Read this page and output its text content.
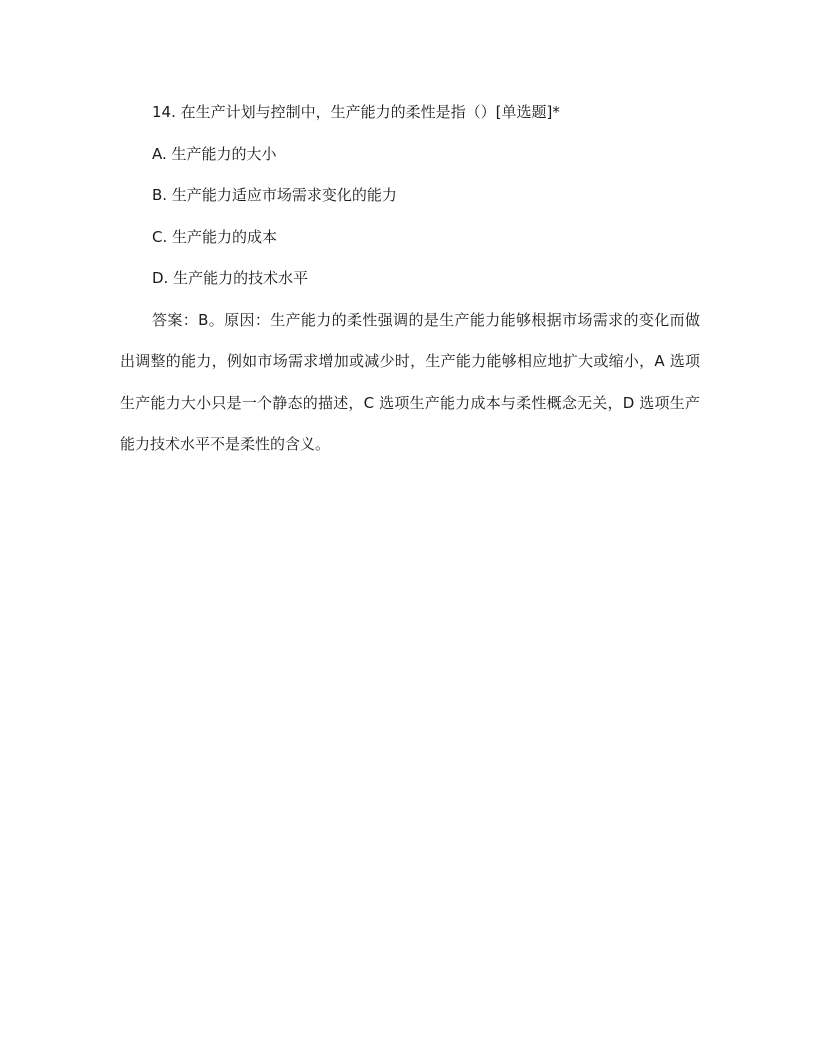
14. 在生产计划与控制中，生产能力的柔性是指（）[单选题]*

A. 生产能力的大小

B. 生产能力适应市场需求变化的能力

C. 生产能力的成本

D. 生产能力的技术水平

答案：B。原因：生产能力的柔性强调的是生产能力能够根据市场需求的变化而做出调整的能力，例如市场需求增加或减少时，生产能力能够相应地扩大或缩小，A 选项生产能力大小只是一个静态的描述，C 选项生产能力成本与柔性概念无关，D 选项生产能力技术水平不是柔性的含义。
